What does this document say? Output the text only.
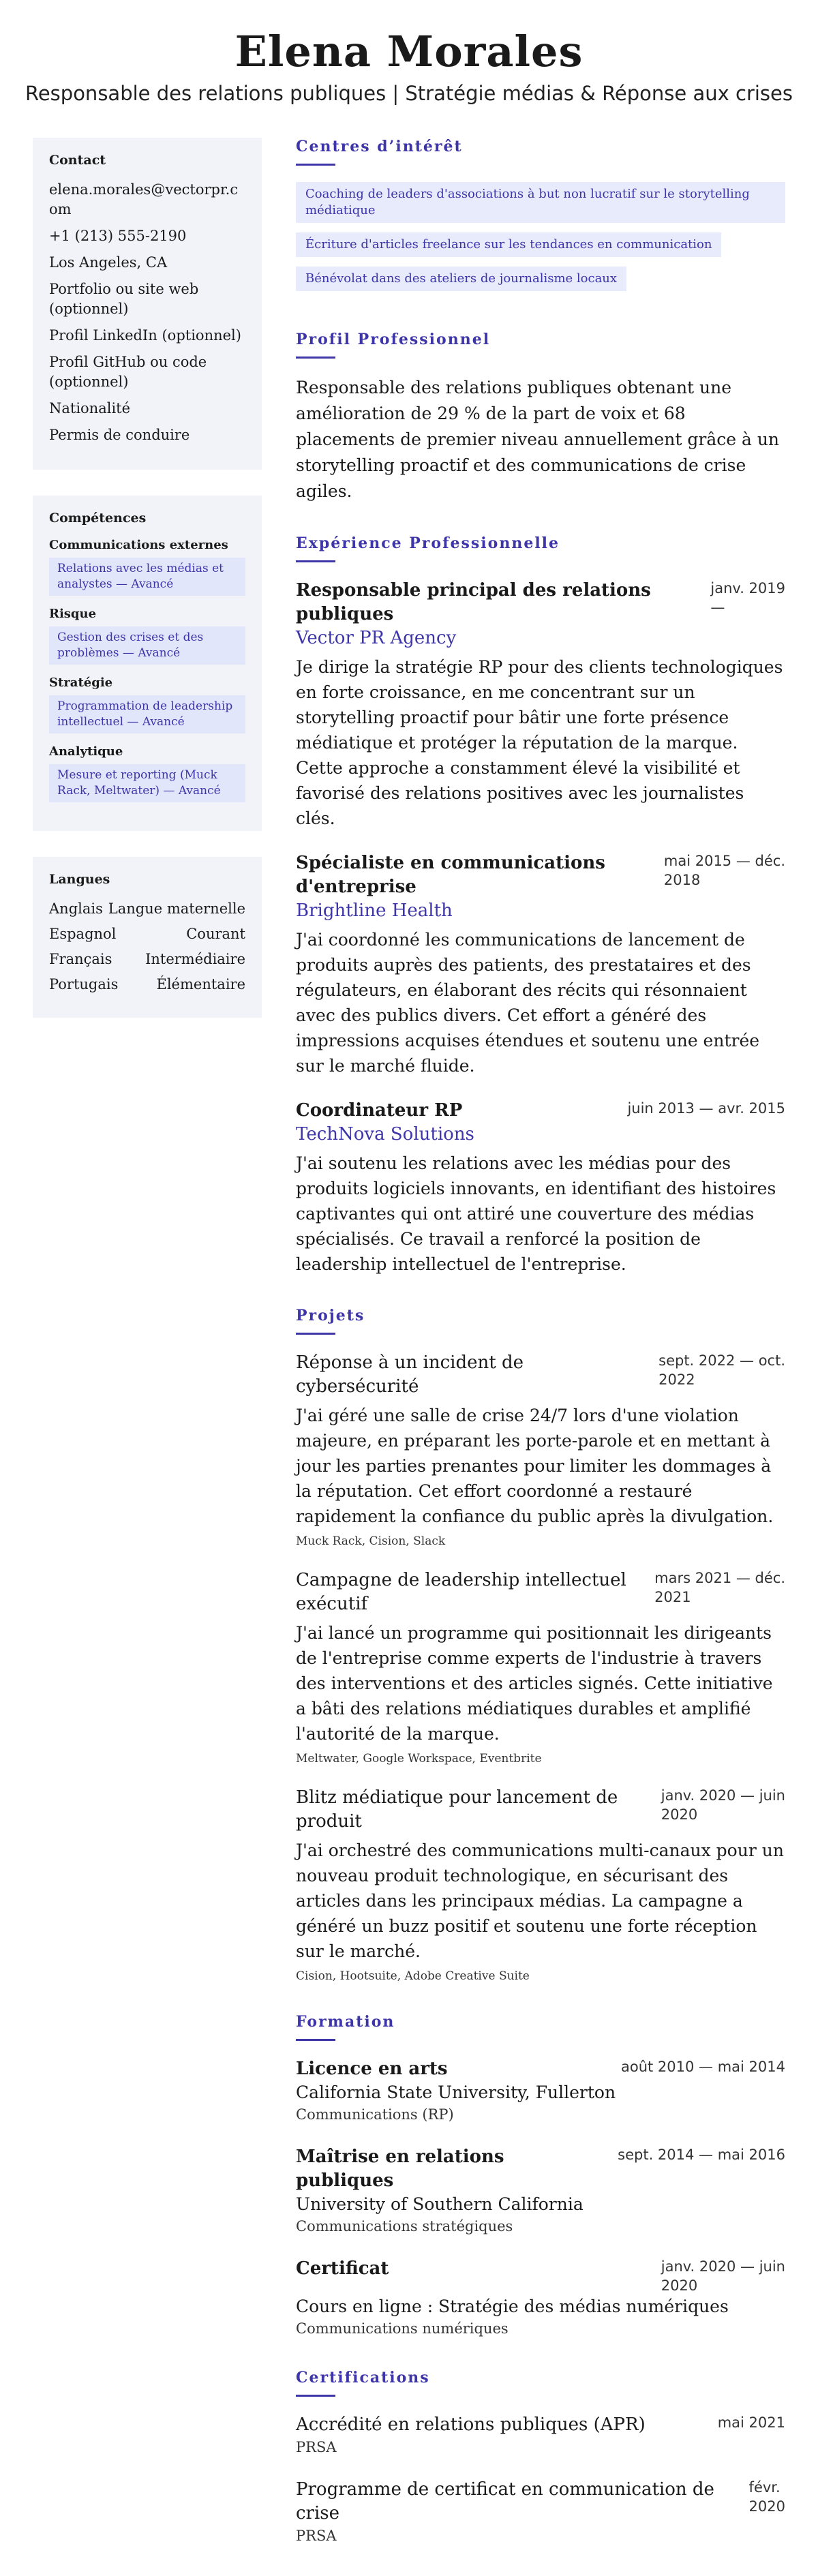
Elena Morales
Responsable des relations publiques | Stratégie médias & Réponse aux crises
Contact
elena.morales@vectorpr.com
+1 (213) 555-2190
Los Angeles, CA
Portfolio ou site web (optionnel)
Profil LinkedIn (optionnel)
Profil GitHub ou code (optionnel)
Nationalité
Permis de conduire
Compétences
Communications externes
Relations avec les médias et analystes — Avancé
Risque
Gestion des crises et des problèmes — Avancé
Stratégie
Programmation de leadership intellectuel — Avancé
Analytique
Mesure et reporting (Muck Rack, Meltwater) — Avancé
Langues
Anglais Langue maternelle
Espagnol	Courant
Français Intermédiaire
Portugais	Élémentaire
Centres d’intérêt
Coaching de leaders d'associations à but non lucratif sur le storytelling médiatique
Écriture d'articles freelance sur les tendances en communication
Bénévolat dans des ateliers de journalisme locaux
Profil Professionnel

Responsable des relations publiques obtenant une amélioration de 29 % de la part de voix et 68 placements de premier niveau annuellement grâce à un storytelling proactif et des communications de crise agiles.

Expérience Professionnelle
Responsable principal des relations publiques
janv. 2019
—
Vector PR Agency

Je dirige la stratégie RP pour des clients technologiques en forte croissance, en me concentrant sur un storytelling proactif pour bâtir une forte présence médiatique et protéger la réputation de la marque. Cette approche a constamment élevé la visibilité et favorisé des relations positives avec les journalistes clés.

Spécialiste en communications d'entreprise
mai 2015 — déc.
2018
Brightline Health

J'ai coordonné les communications de lancement de produits auprès des patients, des prestataires et des régulateurs, en élaborant des récits qui résonnaient avec des publics divers. Cet effort a généré des impressions acquises étendues et soutenu une entrée sur le marché fluide.

Coordinateur RP	juin 2013 — avr. 2015
TechNova Solutions

J'ai soutenu les relations avec les médias pour des produits logiciels innovants, en identifiant des histoires captivantes qui ont attiré une couverture des médias spécialisés. Ce travail a renforcé la position de leadership intellectuel de l'entreprise.

Projets
Réponse à un incident de cybersécurité
sept. 2022 — oct.
2022

J'ai géré une salle de crise 24/7 lors d'une violation majeure, en préparant les porte-parole et en mettant à jour les parties prenantes pour limiter les dommages à la réputation. Cet effort coordonné a restauré rapidement la confiance du public après la divulgation.

Muck Rack, Cision, Slack
Campagne de leadership intellectuel exécutif
mars 2021 — déc.
2021

J'ai lancé un programme qui positionnait les dirigeants de l'entreprise comme experts de l'industrie à travers des interventions et des articles signés. Cette initiative a bâti des relations médiatiques durables et amplifié l'autorité de la marque.

Meltwater, Google Workspace, Eventbrite
Blitz médiatique pour lancement de produit
janv. 2020 — juin
2020

J'ai orchestré des communications multi-canaux pour un nouveau produit technologique, en sécurisant des articles dans les principaux médias. La campagne a généré un buzz positif et soutenu une forte réception sur le marché.

Cision, Hootsuite, Adobe Creative Suite
Formation
Licence en arts	août 2010 — mai 2014
California State University, Fullerton
Communications (RP)
Maîtrise en relations publiques
sept. 2014 — mai 2016
University of Southern California
Communications stratégiques
Certificat	janv. 2020 — juin
2020
Cours en ligne : Stratégie des médias numériques
Communications numériques
Certifications
Accrédité en relations publiques (APR)	mai 2021
PRSA
Programme de certificat en communication de crise
févr.
2020
PRSA
